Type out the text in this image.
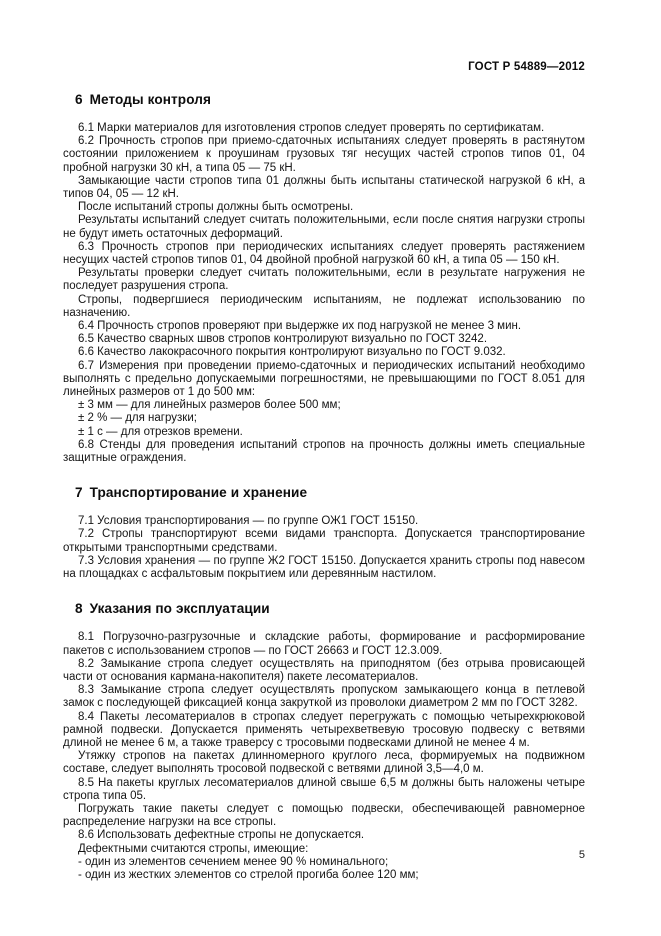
ГОСТ Р 54889—2012
6  Методы контроля

6.1 Марки материалов для изготовления стропов следует проверять по сертификатам.

6.2 Прочность стропов при приемо-сдаточных испытаниях следует проверять в растянутом состоянии приложением к проушинам грузовых тяг несущих частей стропов типов 01, 04 пробной нагрузки 30 кН, а типа 05 — 75 кН.

Замыкающие части стропов типа 01 должны быть испытаны статической нагрузкой 6 кН, а типов 04, 05 — 12 кН.

После испытаний стропы должны быть осмотрены.

Результаты испытаний следует считать положительными, если после снятия нагрузки стропы не будут иметь остаточных деформаций.

6.3 Прочность стропов при периодических испытаниях следует проверять растяжением несущих частей стропов типов 01, 04 двойной пробной нагрузкой 60 кН, а типа 05 — 150 кН.

Результаты проверки следует считать положительными, если в результате нагружения не последует разрушения стропа.

Стропы, подвергшиеся периодическим испытаниям, не подлежат использованию по назначению.

6.4 Прочность стропов проверяют при выдержке их под нагрузкой не менее 3 мин.

6.5 Качество сварных швов стропов контролируют визуально по ГОСТ 3242.

6.6 Качество лакокрасочного покрытия контролируют визуально по ГОСТ 9.032.

6.7 Измерения при проведении приемо-сдаточных и периодических испытаний необходимо выполнять с предельно допускаемыми погрешностями, не превышающими по ГОСТ 8.051 для линейных размеров от 1 до 500 мм:

± 3 мм — для линейных размеров более 500 мм;

± 2 % — для нагрузки;

± 1 с — для отрезков времени.

6.8 Стенды для проведения испытаний стропов на прочность должны иметь специальные защитные ограждения.

7  Транспортирование и хранение

7.1 Условия транспортирования — по группе ОЖ1 ГОСТ 15150.

7.2 Стропы транспортируют всеми видами транспорта. Допускается транспортирование открытыми транспортными средствами.

7.3 Условия хранения — по группе Ж2 ГОСТ 15150. Допускается хранить стропы под навесом на площадках с асфальтовым покрытием или деревянным настилом.

8  Указания по эксплуатации

8.1 Погрузочно-разгрузочные и складские работы, формирование и расформирование пакетов с использованием стропов — по ГОСТ 26663 и ГОСТ 12.3.009.

8.2 Замыкание стропа следует осуществлять на приподнятом (без отрыва провисающей части от основания кармана-накопителя) пакете лесоматериалов.

8.3 Замыкание стропа следует осуществлять пропуском замыкающего конца в петлевой замок с последующей фиксацией конца закруткой из проволоки диаметром 2 мм по ГОСТ 3282.

8.4 Пакеты лесоматериалов в стропах следует перегружать с помощью четырехкрюковой рамной подвески. Допускается применять четырехветвевую тросовую подвеску с ветвями длиной не менее 6 м, а также траверсу с тросовыми подвесками длиной не менее 4 м.

Утяжку стропов на пакетах длинномерного круглого леса, формируемых на подвижном составе, следует выполнять тросовой подвеской с ветвями длиной 3,5—4,0 м.

8.5 На пакеты круглых лесоматериалов длиной свыше 6,5 м должны быть наложены четыре стропа типа 05.

Погружать такие пакеты следует с помощью подвески, обеспечивающей равномерное распределение нагрузки на все стропы.

8.6 Использовать дефектные стропы не допускается.

Дефектными считаются стропы, имеющие:

- один из элементов сечением менее 90 % номинального;

- один из жестких элементов со стрелой прогиба более 120 мм;

5
